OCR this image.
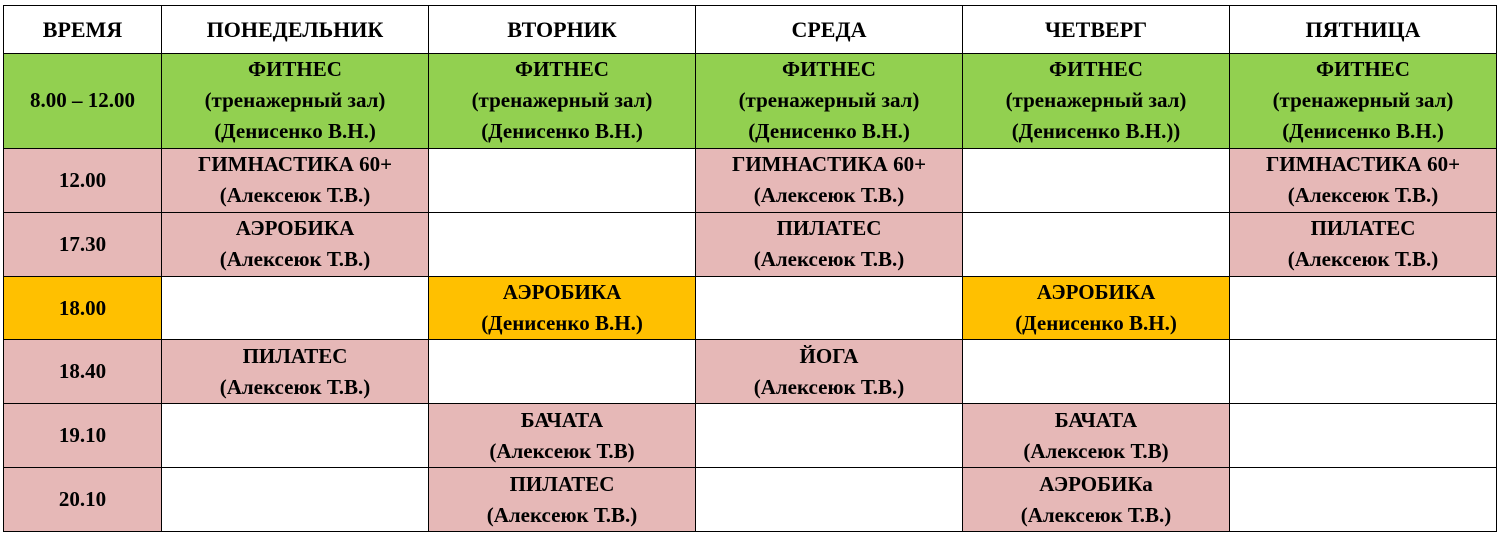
ВРЕМЯ	ПОНЕДЕЛЬНИК	ВТОРНИК	СРЕДА	ЧЕТВЕРГ	ПЯТНИЦА
8.00 – 12.00	ФИТНЕС
(тренажерный зал)
(Денисенко В.Н.)	ФИТНЕС
(тренажерный зал)
(Денисенко В.Н.)	ФИТНЕС
(тренажерный зал)
(Денисенко В.Н.)	ФИТНЕС
(тренажерный зал)
(Денисенко В.Н.))	ФИТНЕС
(тренажерный зал)
(Денисенко В.Н.)

12.00	ГИМНАСТИКА 60+
(Алексеюк Т.В.)		ГИМНАСТИКА 60+
(Алексеюк Т.В.)		ГИМНАСТИКА 60+
(Алексеюк Т.В.)

17.30	АЭРОБИКА
(Алексеюк Т.В.)		ПИЛАТЕС
(Алексеюк Т.В.)		ПИЛАТЕС
(Алексеюк Т.В.)

18.00		АЭРОБИКА
(Денисенко В.Н.)		АЭРОБИКА
(Денисенко В.Н.)	

18.40	ПИЛАТЕС
(Алексеюк Т.В.)		ЙОГА
(Алексеюк Т.В.)		

19.10		БАЧАТА
(Алексеюк Т.В)		БАЧАТА
(Алексеюк Т.В)	

20.10		ПИЛАТЕС
(Алексеюк Т.В.)		АЭРОБИКа
(Алексеюк Т.В.)	
